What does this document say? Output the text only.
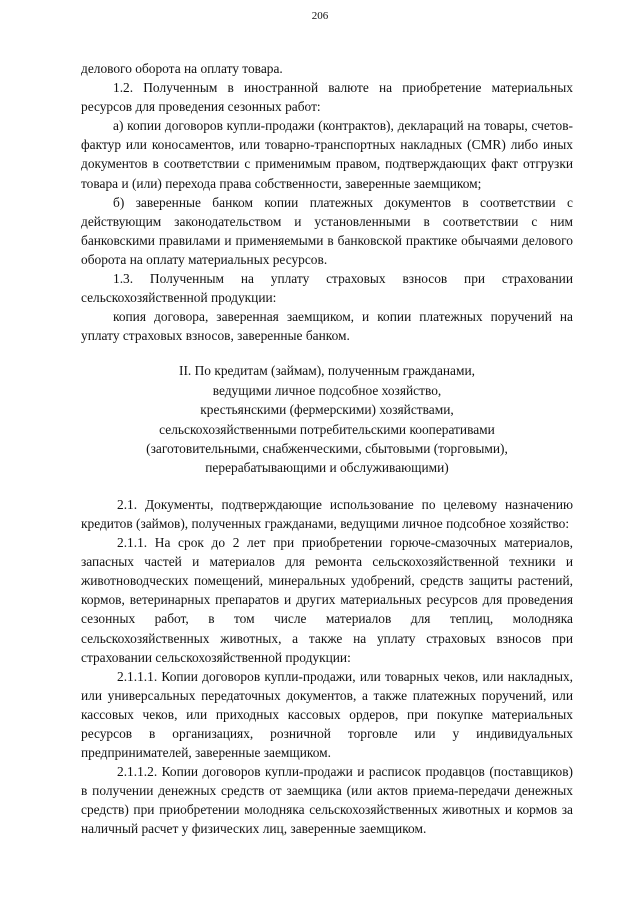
206

делового оборота на оплату товара.

1.2. Полученным в иностранной валюте на приобретение материальных ресурсов для проведения сезонных работ:

а) копии договоров купли-продажи (контрактов), деклараций на товары, счетов-фактур или коносаментов, или товарно-транспортных накладных (CMR) либо иных документов в соответствии с применимым правом, подтверждающих факт отгрузки товара и (или) перехода права собственности, заверенные заемщиком;

б) заверенные банком копии платежных документов в соответствии с действующим законодательством и установленными в соответствии с ним банковскими правилами и применяемыми в банковской практике обычаями делового оборота на оплату материальных ресурсов.

1.3. Полученным на уплату страховых взносов при страховании сельскохозяйственной продукции:

копия договора, заверенная заемщиком, и копии платежных поручений на уплату страховых взносов, заверенные банком.

II. По кредитам (займам), полученным гражданами,
ведущими личное подсобное хозяйство,
крестьянскими (фермерскими) хозяйствами,
сельскохозяйственными потребительскими кооперативами
(заготовительными, снабженческими, сбытовыми (торговыми),
перерабатывающими и обслуживающими)

2.1. Документы, подтверждающие использование по целевому назначению кредитов (займов), полученных гражданами, ведущими личное подсобное хозяйство:

2.1.1. На срок до 2 лет при приобретении горюче-смазочных материалов, запасных частей и материалов для ремонта сельскохозяйственной техники и животноводческих помещений, минеральных удобрений, средств защиты растений, кормов, ветеринарных препаратов и других материальных ресурсов для проведения сезонных работ, в том числе материалов для теплиц, молодняка сельскохозяйственных животных, а также на уплату страховых взносов при страховании сельскохозяйственной продукции:

2.1.1.1. Копии договоров купли-продажи, или товарных чеков, или накладных, или универсальных передаточных документов, а также платежных поручений, или кассовых чеков, или приходных кассовых ордеров, при покупке материальных ресурсов в организациях, розничной торговле или у индивидуальных предпринимателей, заверенные заемщиком.

2.1.1.2. Копии договоров купли-продажи и расписок продавцов (поставщиков) в получении денежных средств от заемщика (или актов приема-передачи денежных средств) при приобретении молодняка сельскохозяйственных животных и кормов за наличный расчет у физических лиц, заверенные заемщиком.
